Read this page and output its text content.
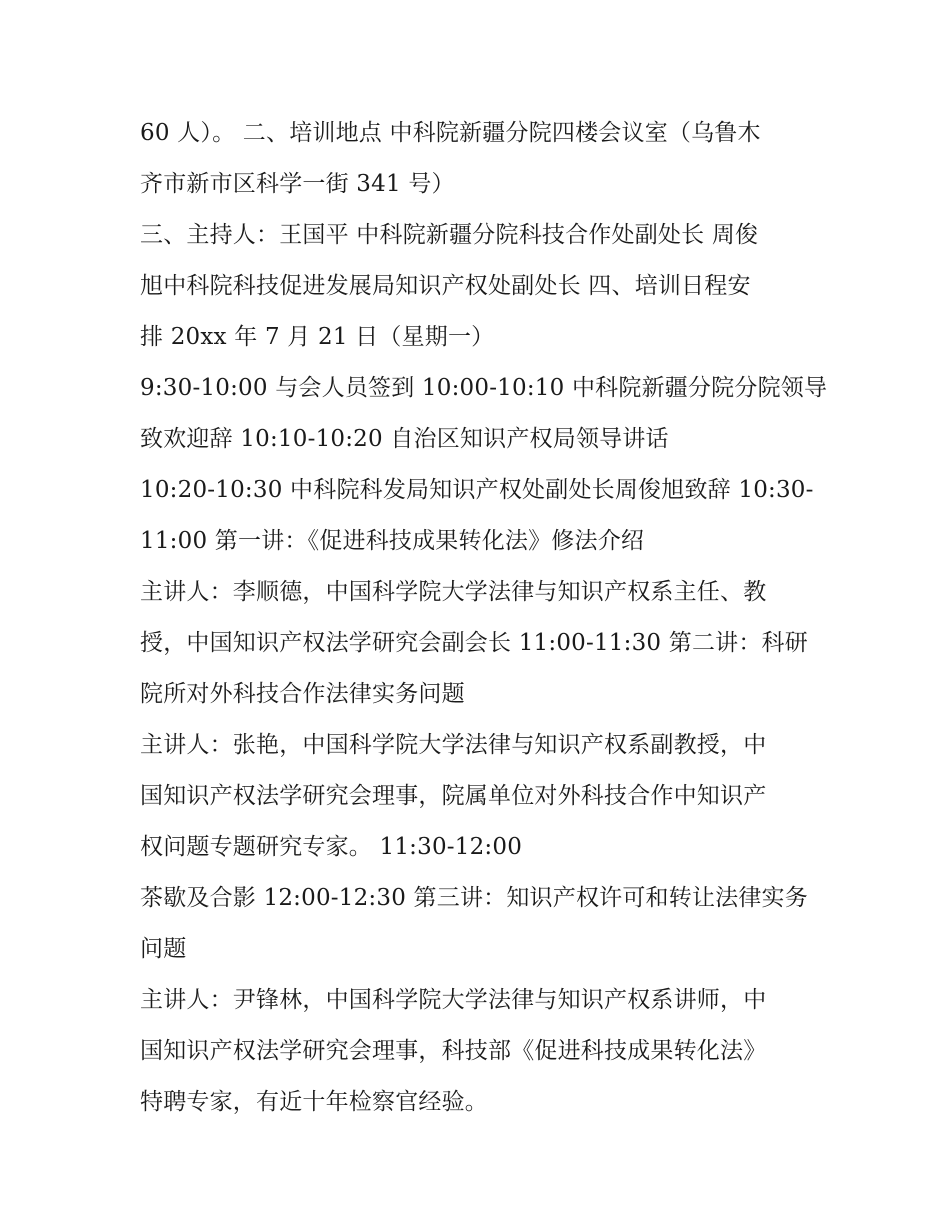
60 人）。 二、培训地点 中科院新疆分院四楼会议室（乌鲁木
齐市新市区科学一街 341 号）
三、主持人：王国平 中科院新疆分院科技合作处副处长 周俊
旭中科院科技促进发展局知识产权处副处长 四、培训日程安
排 20xx 年 7 月 21 日（星期一）
9:30-10:00 与会人员签到 10:00-10:10 中科院新疆分院分院领导
致欢迎辞 10:10-10:20 自治区知识产权局领导讲话
10:20-10:30 中科院科发局知识产权处副处长周俊旭致辞 10:30-
11:00 第一讲：《促进科技成果转化法》修法介绍
主讲人：李顺德，中国科学院大学法律与知识产权系主任、教
授，中国知识产权法学研究会副会长 11:00-11:30 第二讲：科研
院所对外科技合作法律实务问题
主讲人：张艳，中国科学院大学法律与知识产权系副教授，中
国知识产权法学研究会理事，院属单位对外科技合作中知识产
权问题专题研究专家。 11:30-12:00
茶歇及合影 12:00-12:30 第三讲：知识产权许可和转让法律实务
问题
主讲人：尹锋林，中国科学院大学法律与知识产权系讲师，中
国知识产权法学研究会理事，科技部《促进科技成果转化法》
特聘专家，有近十年检察官经验。
